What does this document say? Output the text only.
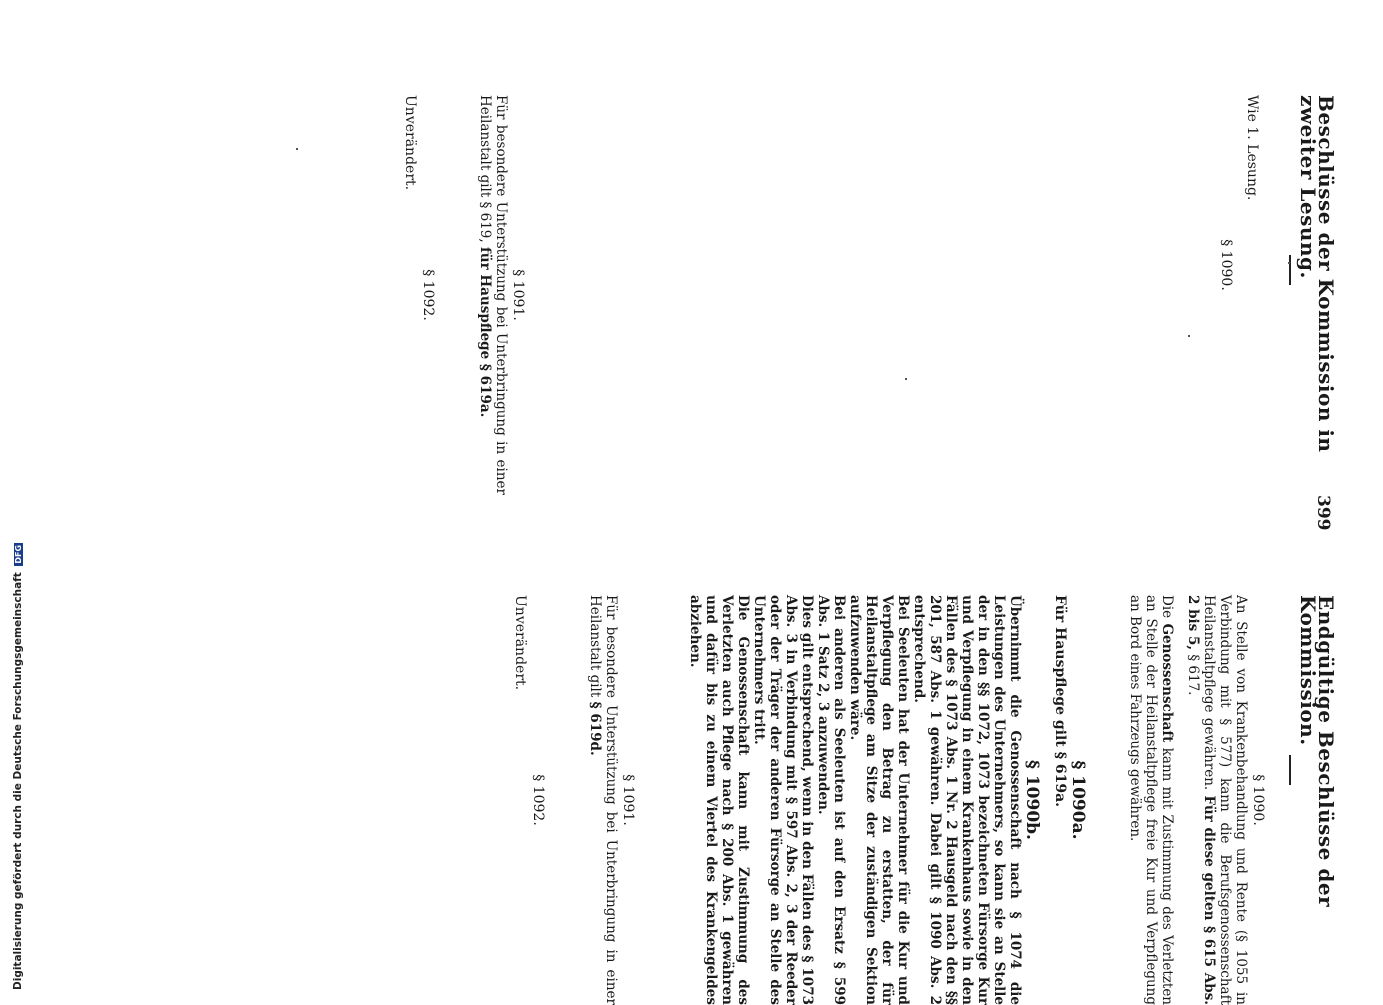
Beschlüsse der Kommission in zweiter Lesung.
Wie 1. Lesung.
§ 1090.
§ 1091.

Für besondere Unterstützung bei Unterbringung in einer Heilanstalt gilt § 619, für Hauspflege § 619a.

§ 1092.
Unverändert.
399
Endgültige Beschlüsse der Kommission.
§ 1090.

An Stelle von Krankenbehandlung und Rente (§ 1055 in Verbindung mit § 577) kann die Berufsgenossenschaft Heilanstaltpflege gewähren. Für diese gelten § 615 Abs. 2 bis 5, § 617.

Die Genossenschaft kann mit Zustimmung des Verletzten an Stelle der Heilanstaltpflege freie Kur und Verpflegung an Bord eines Fahrzeugs gewähren.

§ 1090a.
Für Hauspflege gilt § 619a.
§ 1090b.

Übernimmt die Genossenschaft nach § 1074 die Leistungen des Unternehmers, so kann sie an Stelle der in den §§ 1072, 1073 bezeichneten Fürsorge Kur und Verpflegung in einem Krankenhaus sowie in den Fällen des § 1073 Abs. 1 Nr. 2 Hausgeld nach den §§ 201, 587 Abs. 1 gewähren. Dabei gilt § 1090 Abs. 2 entsprechend.

Bei Seeleuten hat der Unternehmer für die Kur und Verpflegung den Betrag zu erstatten, der für Heilanstaltpflege am Sitze der zuständigen Sektion aufzuwenden wäre.

Bei anderen als Seeleuten ist auf den Ersatz § 599 Abs. 1 Satz 2, 3 anzuwenden.

Dies gilt entsprechend, wenn in den Fällen des § 1073 Abs. 3 in Verbindung mit § 597 Abs. 2, 3 der Reeder oder der Träger der anderen Fürsorge an Stelle des Unternehmers tritt.

Die Genossenschaft kann mit Zustimmung des Verletzten auch Pflege nach § 200 Abs. 1 gewähren und dafür bis zu einem Viertel des Krankengeldes abziehen.

§ 1091.

Für besondere Unterstützung bei Unterbringung in einer Heilanstalt gilt § 619d.

§ 1092.
Unverändert.
Digitalisierung gefördert durch die Deutsche Forschungsgemeinschaft DFG
